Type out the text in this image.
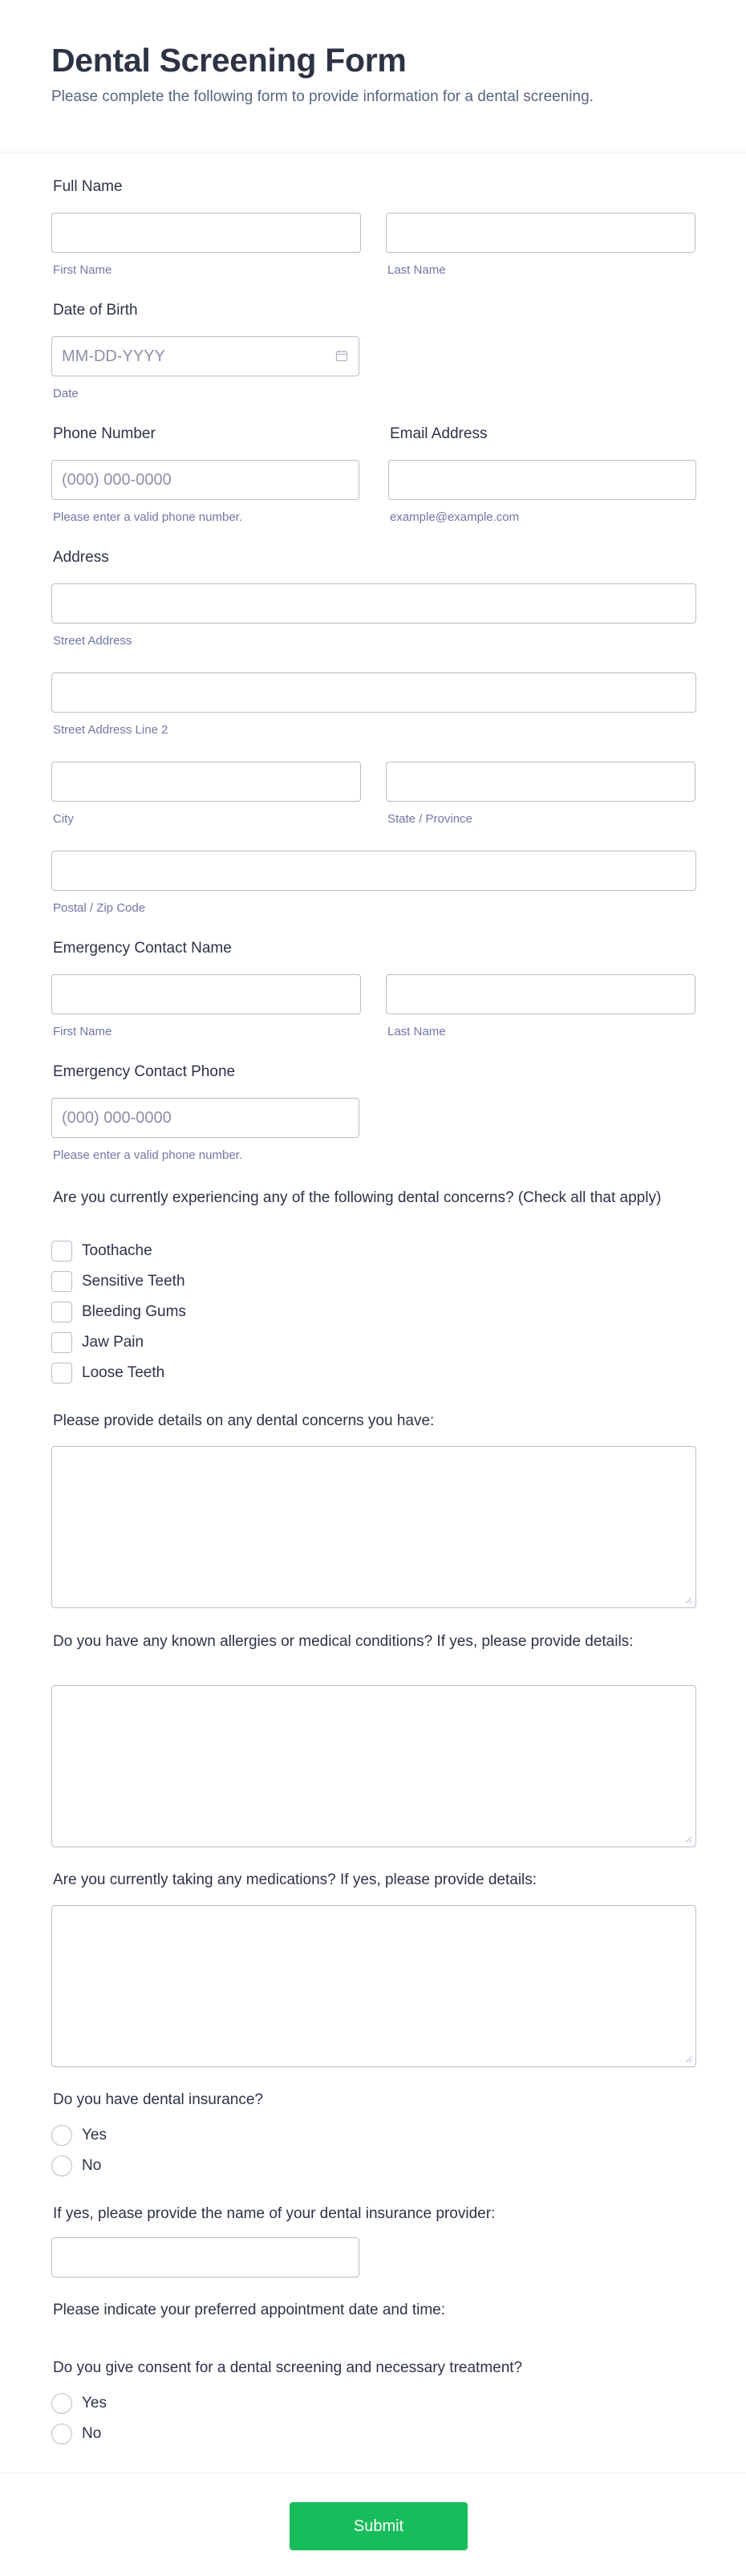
Dental Screening Form

Please complete the following form to provide information for a dental screening.

Full Name
First Name	Last Name
Date of Birth
MM-DD-YYYY
Date
Phone Number	Email Address
(000) 000-0000
Please enter a valid phone number.	example@example.com
Address
Street Address
Street Address Line 2
City	State / Province
Postal / Zip Code
Emergency Contact Name
First Name	Last Name
Emergency Contact Phone
(000) 000-0000
Please enter a valid phone number.
Are you currently experiencing any of the following dental concerns? (Check all that apply)
Toothache
Sensitive Teeth
Bleeding Gums
Jaw Pain
Loose Teeth
Please provide details on any dental concerns you have:
Do you have any known allergies or medical conditions? If yes, please provide details:
Are you currently taking any medications? If yes, please provide details:
Do you have dental insurance?
Yes
No
If yes, please provide the name of your dental insurance provider:
Please indicate your preferred appointment date and time:
Do you give consent for a dental screening and necessary treatment?
Yes
No
Submit
